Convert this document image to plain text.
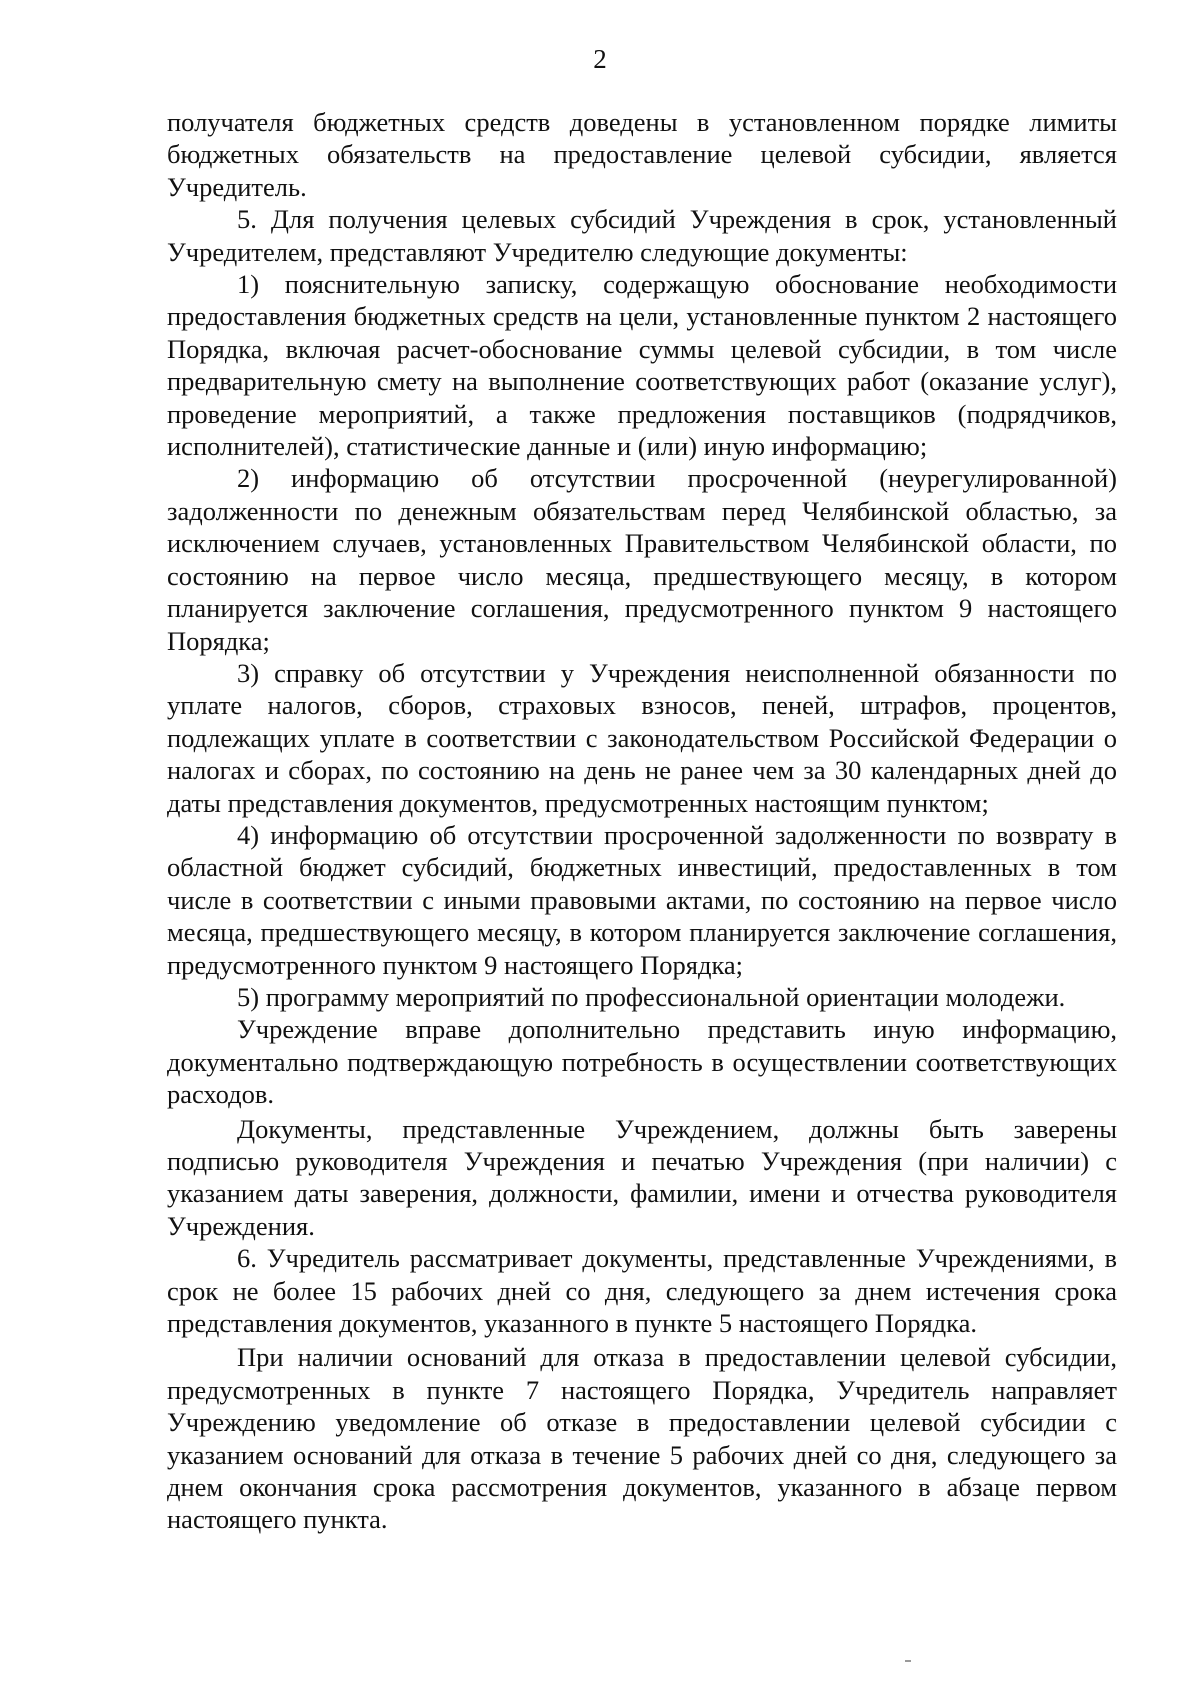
2

получателя бюджетных средств доведены в установленном порядке лимиты бюджетных обязательств на предоставление целевой субсидии, является Учредитель.

5. Для получения целевых субсидий Учреждения в срок, установленный Учредителем, представляют Учредителю следующие документы:

1) пояснительную записку, содержащую обоснование необходимости предоставления бюджетных средств на цели, установленные пунктом 2 настоящего Порядка, включая расчет-обоснование суммы целевой субсидии, в том числе предварительную смету на выполнение соответствующих работ (оказание услуг), проведение мероприятий, а также предложения поставщиков (подрядчиков, исполнителей), статистические данные и (или) иную информацию;

2) информацию об отсутствии просроченной (неурегулированной) задолженности по денежным обязательствам перед Челябинской областью, за исключением случаев, установленных Правительством Челябинской области, по состоянию на первое число месяца, предшествующего месяцу, в котором планируется заключение соглашения, предусмотренного пунктом 9 настоящего Порядка;

3) справку об отсутствии у Учреждения неисполненной обязанности по уплате налогов, сборов, страховых взносов, пеней, штрафов, процентов, подлежащих уплате в соответствии с законодательством Российской Федерации о налогах и сборах, по состоянию на день не ранее чем за 30 календарных дней до даты представления документов, предусмотренных настоящим пунктом;

4) информацию об отсутствии просроченной задолженности по возврату в областной бюджет субсидий, бюджетных инвестиций, предоставленных в том числе в соответствии с иными правовыми актами, по состоянию на первое число месяца, предшествующего месяцу, в котором планируется заключение соглашения, предусмотренного пунктом 9 настоящего Порядка;

5) программу мероприятий по профессиональной ориентации молодежи.

Учреждение вправе дополнительно представить иную информацию, документально подтверждающую потребность в осуществлении соответствующих расходов.

Документы, представленные Учреждением, должны быть заверены подписью руководителя Учреждения и печатью Учреждения (при наличии) с указанием даты заверения, должности, фамилии, имени и отчества руководителя Учреждения.

6. Учредитель рассматривает документы, представленные Учреждениями, в срок не более 15 рабочих дней со дня, следующего за днем истечения срока представления документов, указанного в пункте 5 настоящего Порядка.

При наличии оснований для отказа в предоставлении целевой субсидии, предусмотренных в пункте 7 настоящего Порядка, Учредитель направляет Учреждению уведомление об отказе в предоставлении целевой субсидии с указанием оснований для отказа в течение 5 рабочих дней со дня, следующего за днем окончания срока рассмотрения документов, указанного в абзаце первом настоящего пункта.
